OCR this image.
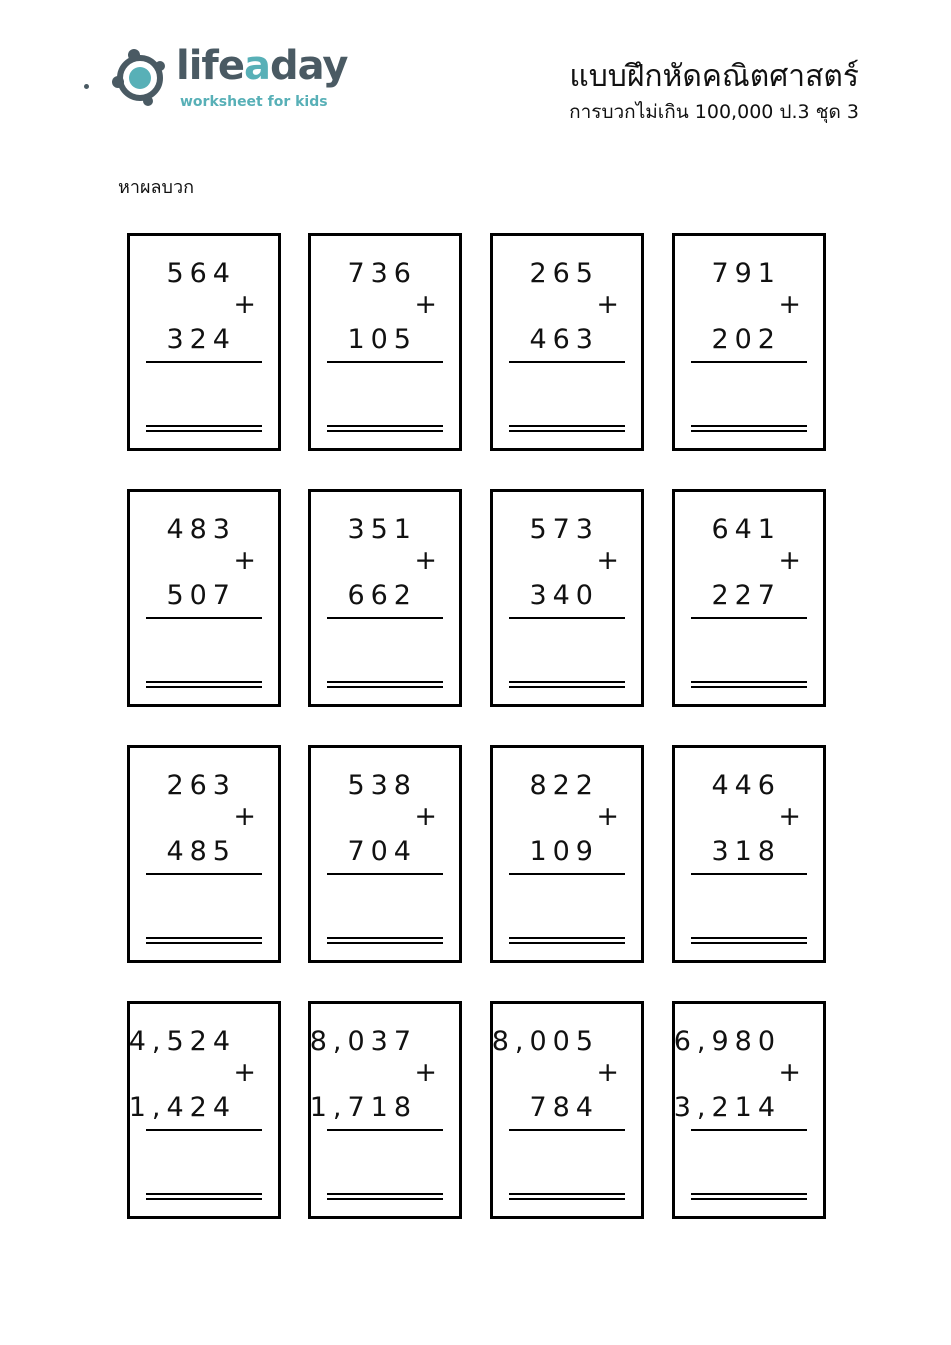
lifeaday
worksheet for kids
แบบฝึกหัดคณิตศาสตร์
การบวกไม่เกิน 100,000 ป.3 ชุด 3
หาผลบวก
564
+
324
736
+
105
265
+
463
791
+
202
483
+
507
351
+
662
573
+
340
641
+
227
263
+
485
538
+
704
822
+
109
446
+
318
4,524
+
1,424
8,037
+
1,718
8,005
+
784
6,980
+
3,214
